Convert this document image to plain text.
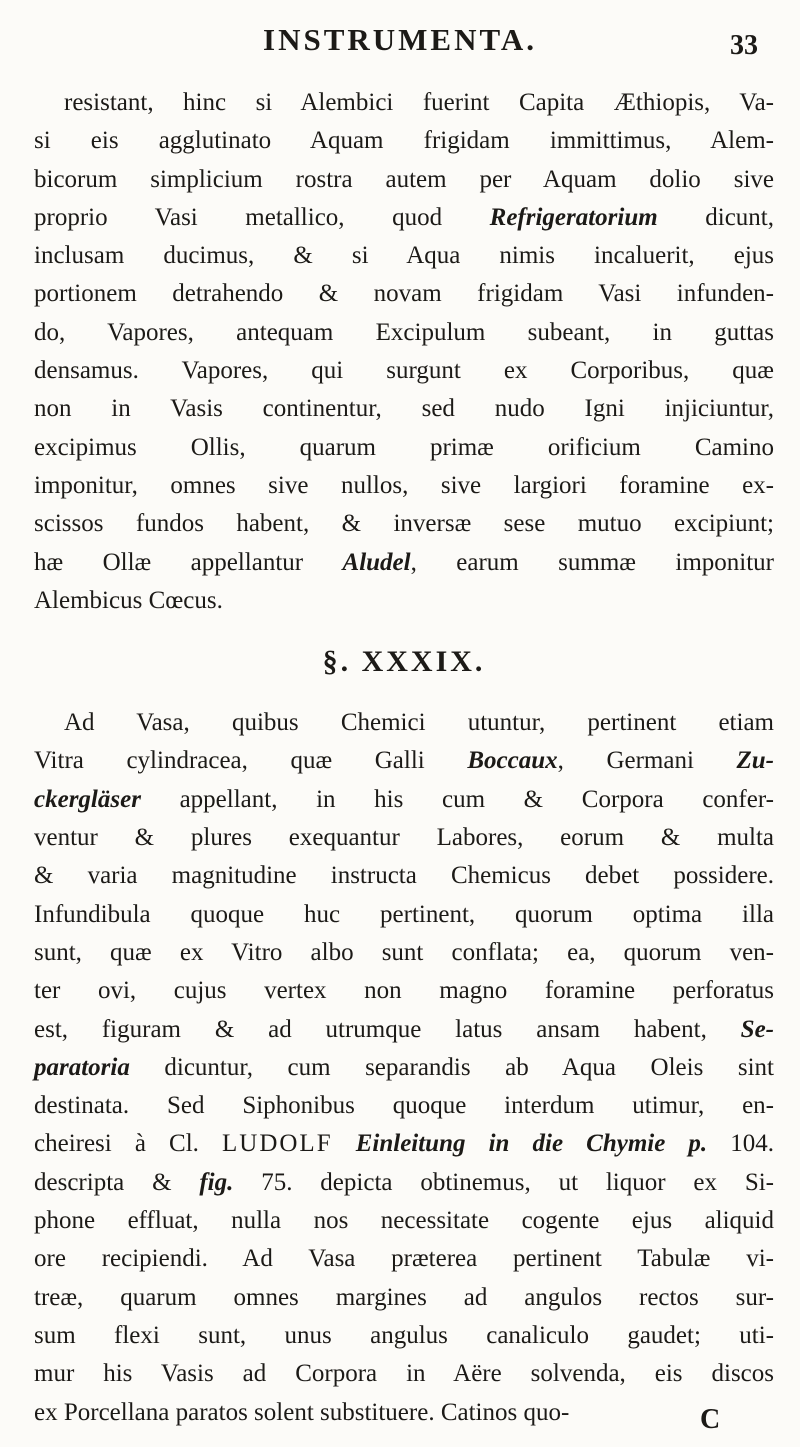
INSTRUMENTA.	33
resistant, hinc si Alembici fuerint Capita Æthiopis, Va-
si eis agglutinato Aquam frigidam immittimus, Alem-
bicorum simplicium rostra autem per Aquam dolio sive
proprio Vasi metallico, quod Refrigeratorium dicunt,
inclusam ducimus, & si Aqua nimis incaluerit, ejus
portionem detrahendo & novam frigidam Vasi infunden-
do, Vapores, antequam Excipulum subeant, in guttas
densamus. Vapores, qui surgunt ex Corporibus, quæ
non in Vasis continentur, sed nudo Igni injiciuntur,
excipimus Ollis, quarum primæ orificium Camino
imponitur, omnes sive nullos, sive largiori foramine ex-
scissos fundos habent, & inversæ sese mutuo excipiunt;
hæ Ollæ appellantur Aludel, earum summæ imponitur
Alembicus Cœcus.
§. XXXIX.
Ad Vasa, quibus Chemici utuntur, pertinent etiam
Vitra cylindracea, quæ Galli Boccaux, Germani Zu-
ckergläser appellant, in his cum & Corpora confer-
ventur & plures exequantur Labores, eorum & multa
& varia magnitudine instructa Chemicus debet possidere.
Infundibula quoque huc pertinent, quorum optima illa
sunt, quæ ex Vitro albo sunt conflata; ea, quorum ven-
ter ovi, cujus vertex non magno foramine perforatus
est, figuram & ad utrumque latus ansam habent, Se-
paratoria dicuntur, cum separandis ab Aqua Oleis sint
destinata. Sed Siphonibus quoque interdum utimur, en-
cheiresi à Cl. LUDOLF Einleitung in die Chymie p. 104.
descripta & fig. 75. depicta obtinemus, ut liquor ex Si-
phone effluat, nulla nos necessitate cogente ejus aliquid
ore recipiendi. Ad Vasa præterea pertinent Tabulæ vi-
treæ, quarum omnes margines ad angulos rectos sur-
sum flexi sunt, unus angulus canaliculo gaudet; uti-
mur his Vasis ad Corpora in Aëre solvenda, eis discos
ex Porcellana paratos solent substituere. Catinos quo-	C
